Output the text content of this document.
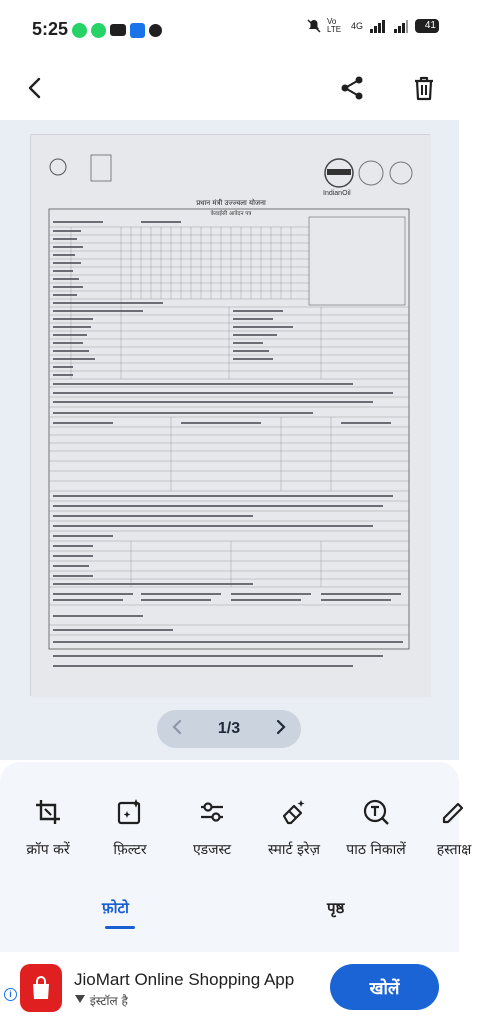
5:25	Vo LTE	4G	41
IndianOil
प्रधान मंत्री उज्ज्वला योजना
केवाईसी आवेदन पत्र
1/3
क्रॉप करें	फ़िल्टर	एडजस्ट	स्मार्ट इरेज़ पाठ निकालें हस्ताक्ष
फ़ोटो	पृष्ठ
i
JioMart Online Shopping App
इंस्टॉल है
खोलें
